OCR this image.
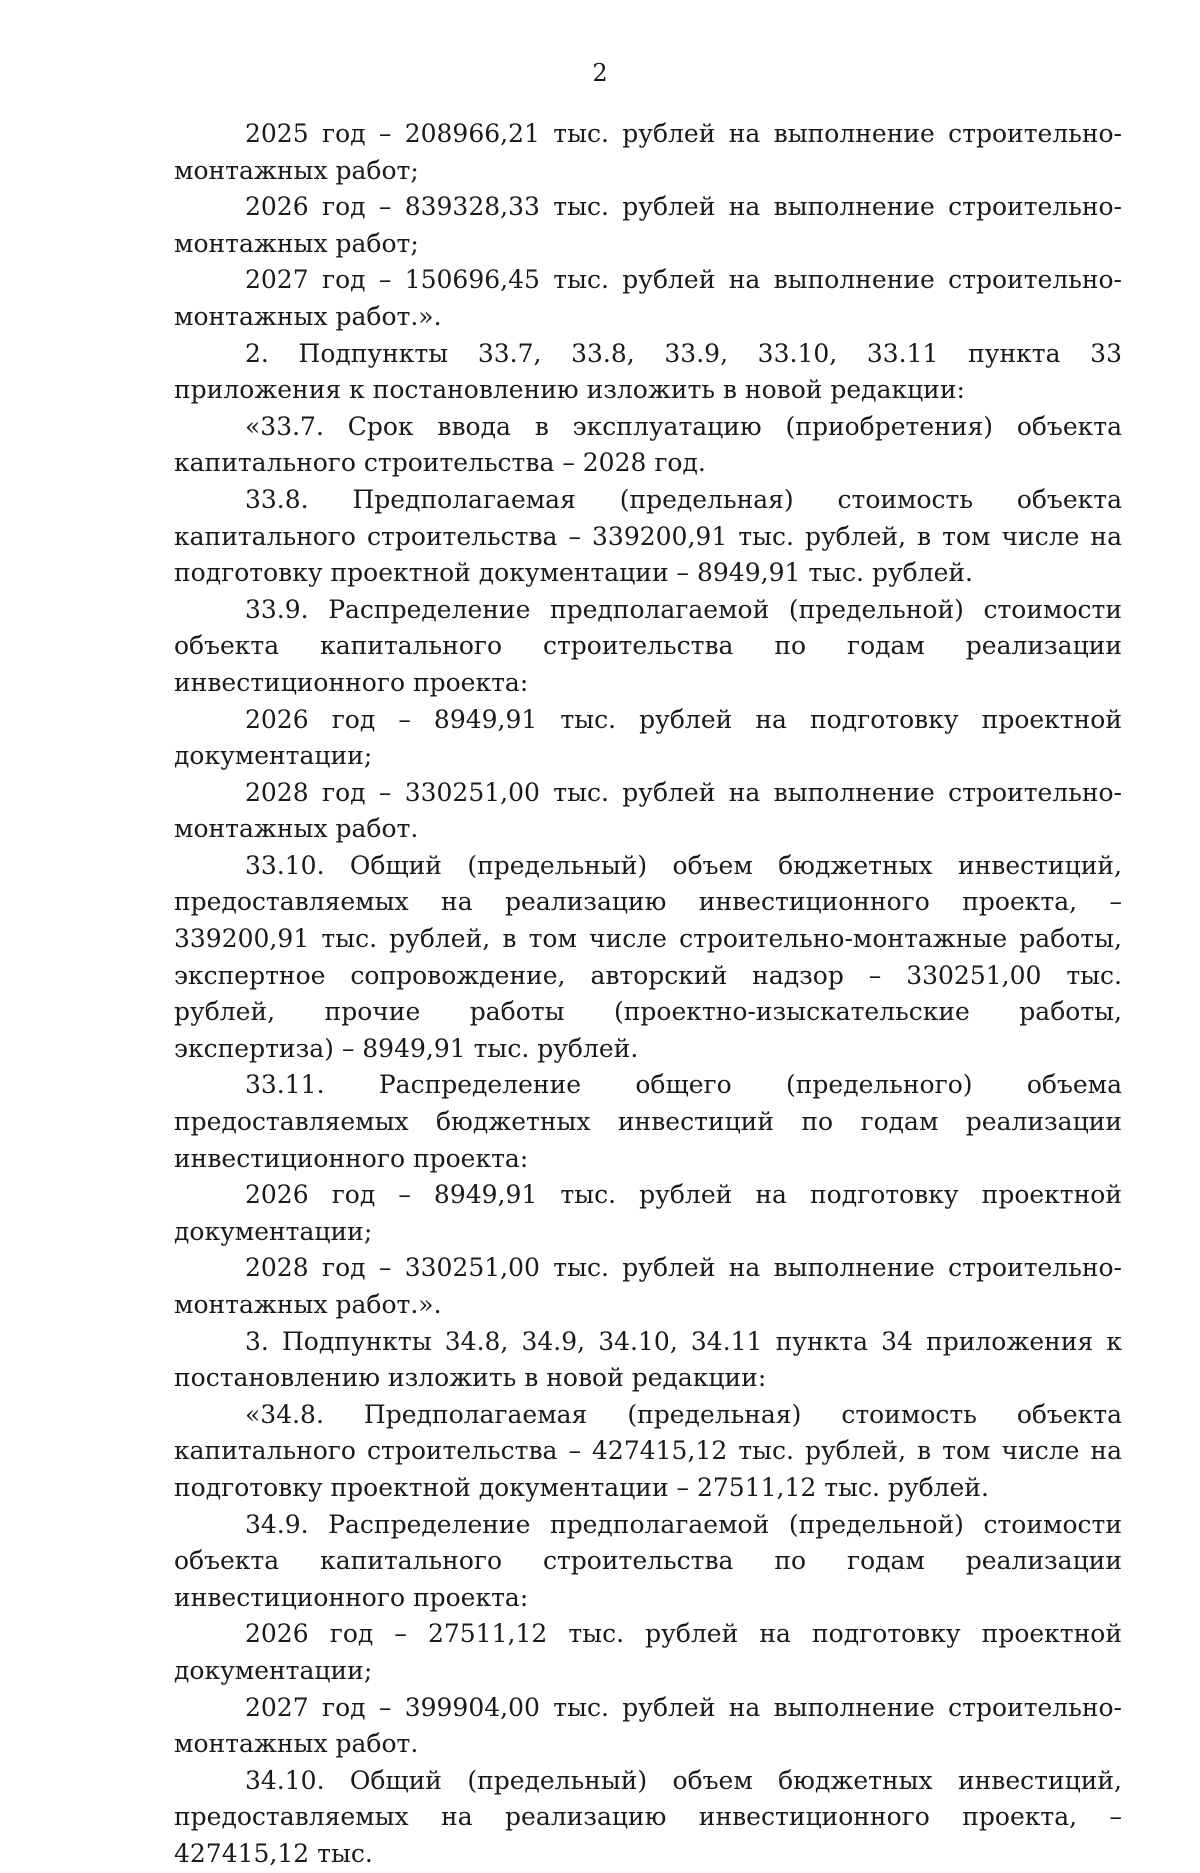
2

2025 год – 208966,21 тыс. рублей на выполнение строительно-монтажных работ;

2026 год – 839328,33 тыс. рублей на выполнение строительно-монтажных работ;

2027 год – 150696,45 тыс. рублей на выполнение строительно-монтажных работ.».

2. Подпункты 33.7, 33.8, 33.9, 33.10, 33.11 пункта 33 приложения к постановлению изложить в новой редакции:

«33.7. Срок ввода в эксплуатацию (приобретения) объекта капитального строительства – 2028 год.

33.8. Предполагаемая (предельная) стоимость объекта капитального строительства – 339200,91 тыс. рублей, в том числе на подготовку проектной документации – 8949,91 тыс. рублей.

33.9. Распределение предполагаемой (предельной) стоимости объекта капитального строительства по годам реализации инвестиционного проекта:

2026 год – 8949,91 тыс. рублей на подготовку проектной документации;

2028 год – 330251,00 тыс. рублей на выполнение строительно-монтажных работ.

33.10. Общий (предельный) объем бюджетных инвестиций, предоставляемых на реализацию инвестиционного проекта, – 339200,91 тыс. рублей, в том числе строительно-монтажные работы, экспертное сопровождение, авторский надзор – 330251,00 тыс. рублей, прочие работы (проектно-изыскательские работы, экспертиза) – 8949,91 тыс. рублей.

33.11. Распределение общего (предельного) объема предоставляемых бюджетных инвестиций по годам реализации инвестиционного проекта:

2026 год – 8949,91 тыс. рублей на подготовку проектной документации;

2028 год – 330251,00 тыс. рублей на выполнение строительно-монтажных работ.».

3. Подпункты 34.8, 34.9, 34.10, 34.11 пункта 34 приложения к постановлению изложить в новой редакции:

«34.8. Предполагаемая (предельная) стоимость объекта капитального строительства – 427415,12 тыс. рублей, в том числе на подготовку проектной документации – 27511,12 тыс. рублей.

34.9. Распределение предполагаемой (предельной) стоимости объекта капитального строительства по годам реализации инвестиционного проекта:

2026 год – 27511,12 тыс. рублей на подготовку проектной документации;

2027 год – 399904,00 тыс. рублей на выполнение строительно-монтажных работ.

34.10. Общий (предельный) объем бюджетных инвестиций, предоставляемых на реализацию инвестиционного проекта, – 427415,12 тыс.
